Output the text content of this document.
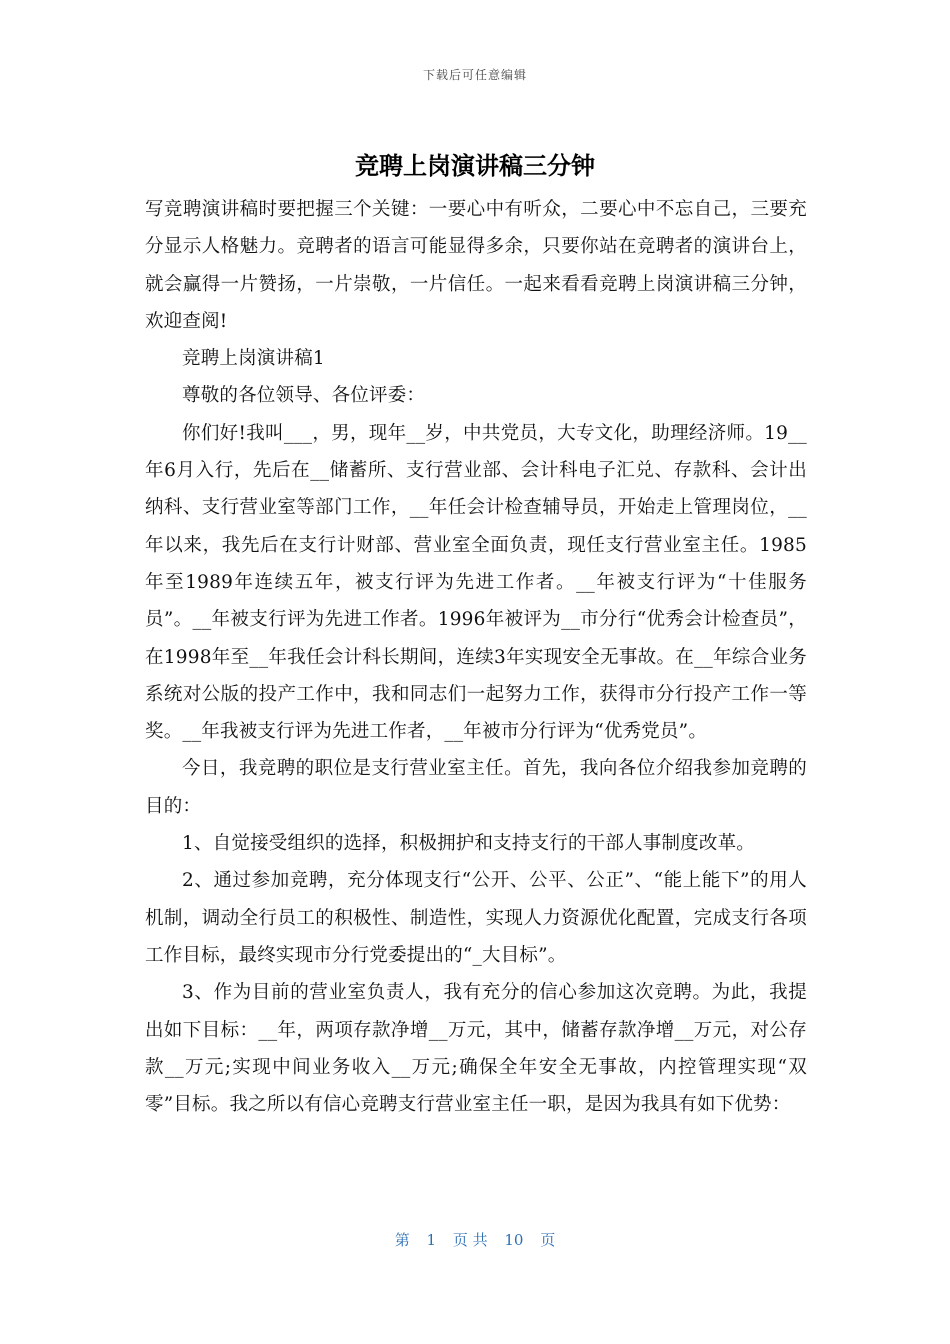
下载后可任意编辑
竞聘上岗演讲稿三分钟

写竞聘演讲稿时要把握三个关键：一要心中有听众，二要心中不忘自己，三要充分显示人格魅力。竞聘者的语言可能显得多余，只要你站在竞聘者的演讲台上，就会赢得一片赞扬，一片崇敬，一片信任。一起来看看竞聘上岗演讲稿三分钟，欢迎查阅!

竞聘上岗演讲稿1

尊敬的各位领导、各位评委：

你们好!我叫___，男，现年__岁，中共党员，大专文化，助理经济师。19__年6月入行，先后在__储蓄所、支行营业部、会计科电子汇兑、存款科、会计出纳科、支行营业室等部门工作，__年任会计检查辅导员，开始走上管理岗位，__年以来，我先后在支行计财部、营业室全面负责，现任支行营业室主任。1985年至1989年连续五年，被支行评为先进工作者。__年被支行评为“十佳服务员”。__年被支行评为先进工作者。1996年被评为__市分行“优秀会计检查员”，在1998年至__年我任会计科长期间，连续3年实现安全无事故。在__年综合业务系统对公版的投产工作中，我和同志们一起努力工作，获得市分行投产工作一等奖。__年我被支行评为先进工作者，__年被市分行评为“优秀党员”。

今日，我竞聘的职位是支行营业室主任。首先，我向各位介绍我参加竞聘的目的：

1、自觉接受组织的选择，积极拥护和支持支行的干部人事制度改革。

2、通过参加竞聘，充分体现支行“公开、公平、公正”、“能上能下”的用人机制，调动全行员工的积极性、制造性，实现人力资源优化配置，完成支行各项工作目标，最终实现市分行党委提出的“_大目标”。

3、作为目前的营业室负责人，我有充分的信心参加这次竞聘。为此，我提出如下目标：__年，两项存款净增__万元，其中，储蓄存款净增__万元，对公存款__万元;实现中间业务收入__万元;确保全年安全无事故，内控管理实现“双零”目标。我之所以有信心竞聘支行营业室主任一职，是因为我具有如下优势：

第 1 页 共 10 页
